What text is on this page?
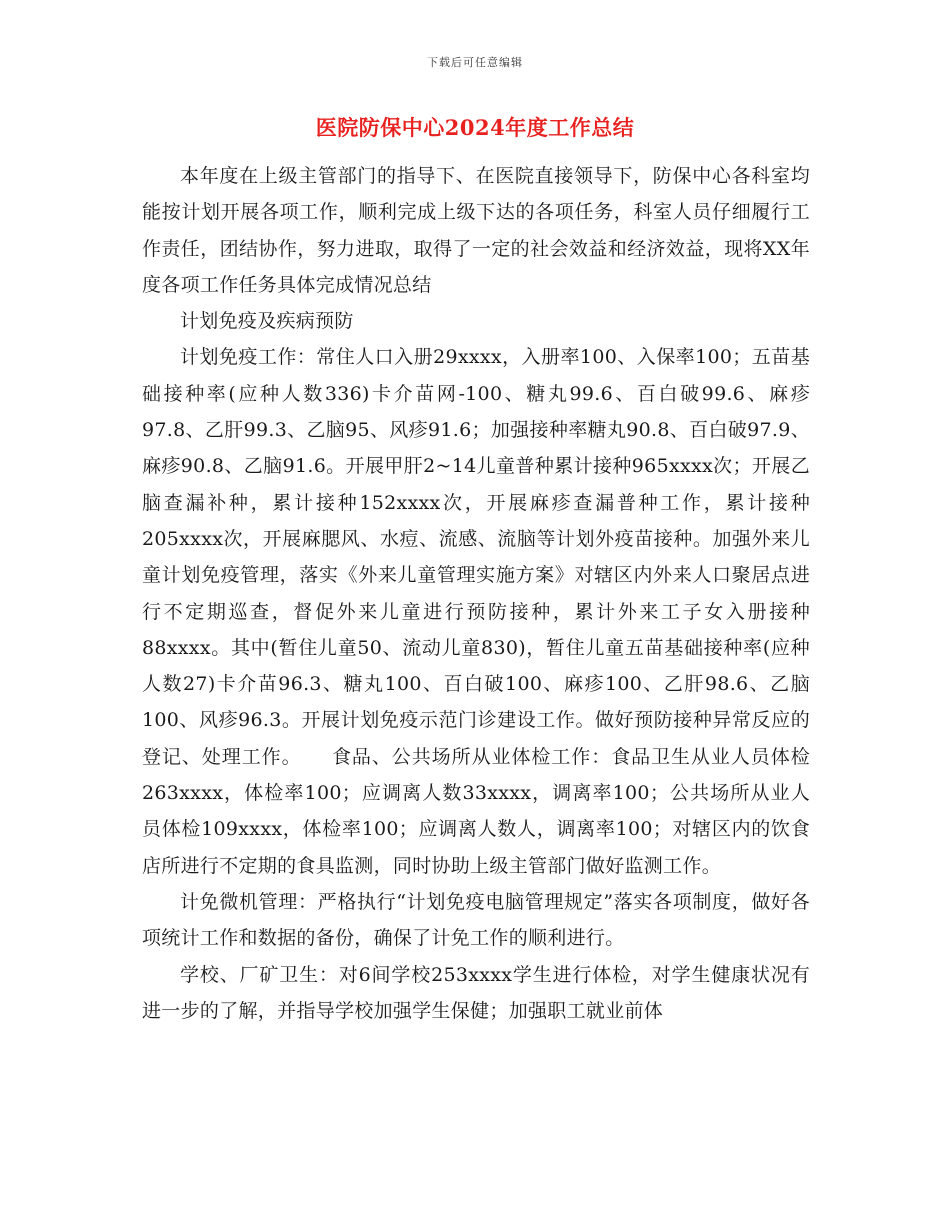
下载后可任意编辑
医院防保中心2024年度工作总结

本年度在上级主管部门的指导下、在医院直接领导下，防保中心各科室均能按计划开展各项工作，顺利完成上级下达的各项任务，科室人员仔细履行工作责任，团结协作，努力进取，取得了一定的社会效益和经济效益，现将XX年度各项工作任务具体完成情况总结

计划免疫及疾病预防

计划免疫工作：常住人口入册29xxxx，入册率100、入保率100；五苗基础接种率(应种人数336)卡介苗网-100、糖丸99.6、百白破99.6、麻疹97.8、乙肝99.3、乙脑95、风疹91.6；加强接种率糖丸90.8、百白破97.9、麻疹90.8、乙脑91.6。开展甲肝2~14儿童普种累计接种965xxxx次；开展乙脑查漏补种，累计接种152xxxx次，开展麻疹查漏普种工作，累计接种205xxxx次，开展麻腮风、水痘、流感、流脑等计划外疫苗接种。加强外来儿童计划免疫管理，落实《外来儿童管理实施方案》对辖区内外来人口聚居点进行不定期巡查，督促外来儿童进行预防接种，累计外来工子女入册接种88xxxx。其中(暂住儿童50、流动儿童830)，暂住儿童五苗基础接种率(应种人数27)卡介苗96.3、糖丸100、百白破100、麻疹100、乙肝98.6、乙脑100、风疹96.3。开展计划免疫示范门诊建设工作。做好预防接种异常反应的登记、处理工作。　　食品、公共场所从业体检工作：食品卫生从业人员体检263xxxx，体检率100；应调离人数33xxxx，调离率100；公共场所从业人员体检109xxxx，体检率100；应调离人数人，调离率100；对辖区内的饮食店所进行不定期的食具监测，同时协助上级主管部门做好监测工作。

计免微机管理：严格执行“计划免疫电脑管理规定”落实各项制度，做好各项统计工作和数据的备份，确保了计免工作的顺利进行。

学校、厂矿卫生：对6间学校253xxxx学生进行体检，对学生健康状况有进一步的了解，并指导学校加强学生保健；加强职工就业前体
